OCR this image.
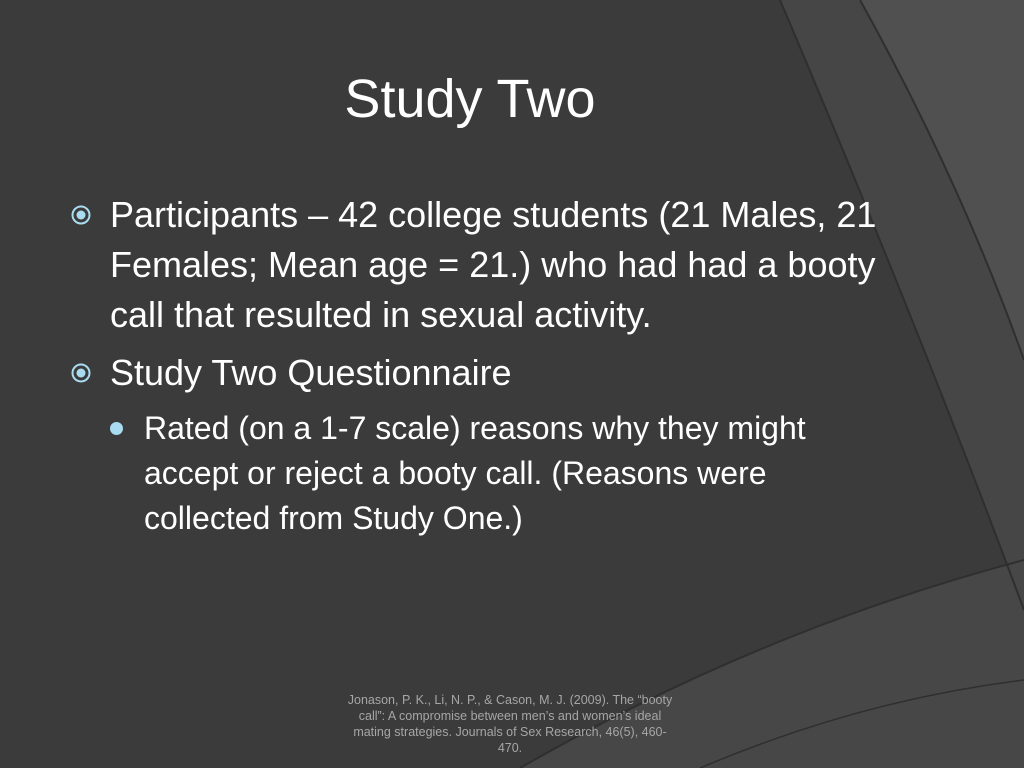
Study Two
Participants – 42 college students (21 Males, 21 Females; Mean age = 21.) who had had a booty call that resulted in sexual activity.
Study Two Questionnaire
Rated (on a 1-7 scale) reasons why they might accept or reject a booty call. (Reasons were collected from Study One.)
Jonason, P. K., Li, N. P., & Cason, M. J. (2009). The “booty call”: A compromise between men’s and women’s ideal mating strategies. Journals of Sex Research, 46(5), 460-470.
